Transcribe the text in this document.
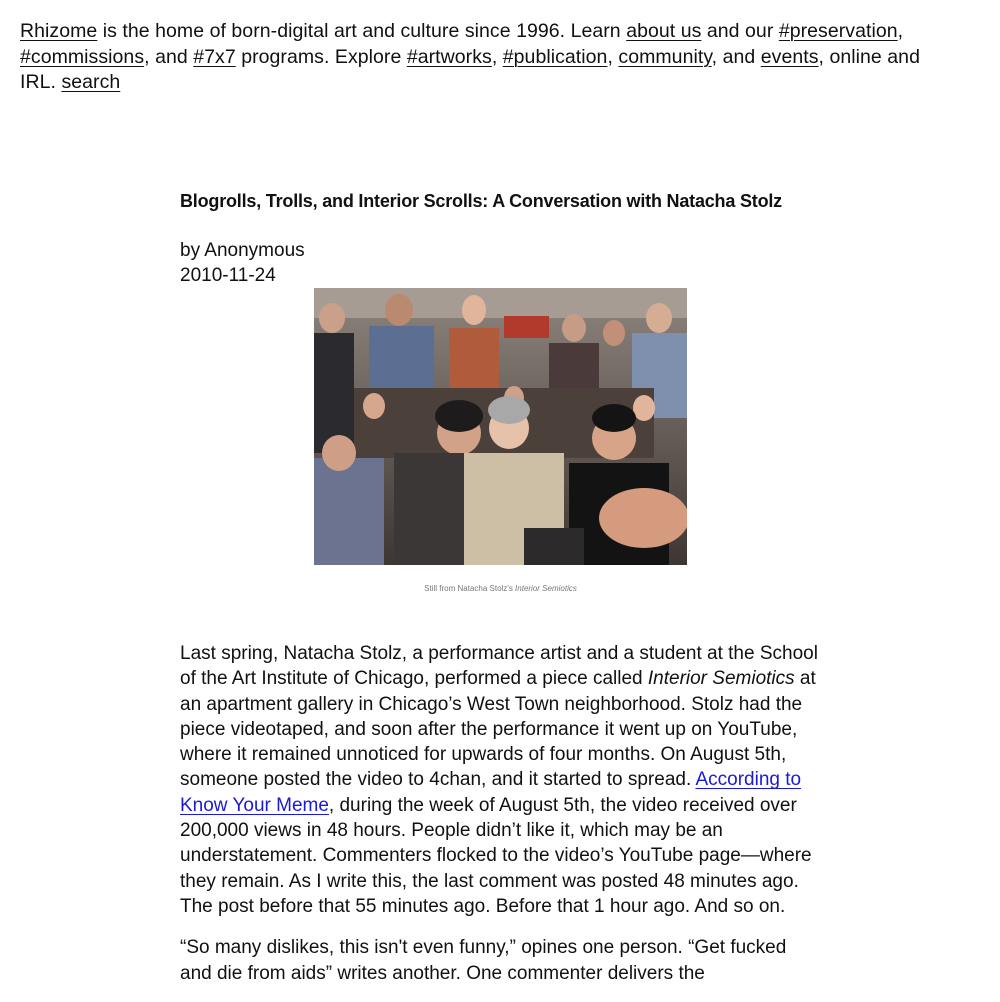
Rhizome is the home of born-digital art and culture since 1996. Learn about us and our #preservation, #commissions, and #7x7 programs. Explore #artworks, #publication, community, and events, online and IRL. search
Blogrolls, Trolls, and Interior Scrolls: A Conversation with Natacha Stolz
by Anonymous
2010-11-24
Still from Natacha Stolz's Interior Semiotics

Last spring, Natacha Stolz, a performance artist and a student at the School of the Art Institute of Chicago, performed a piece called Interior Semiotics at an apartment gallery in Chicago’s West Town neighborhood. Stolz had the piece videotaped, and soon after the performance it went up on YouTube, where it remained unnoticed for upwards of four months. On August 5th, someone posted the video to 4chan, and it started to spread. According to Know Your Meme, during the week of August 5th, the video received over 200,000 views in 48 hours. People didn’t like it, which may be an understatement. Commenters flocked to the video’s YouTube page—where they remain. As I write this, the last comment was posted 48 minutes ago. The post before that 55 minutes ago. Before that 1 hour ago. And so on.

“So many dislikes, this isn't even funny,” opines one person. “Get fucked and die from aids” writes another. One commenter delivers the
